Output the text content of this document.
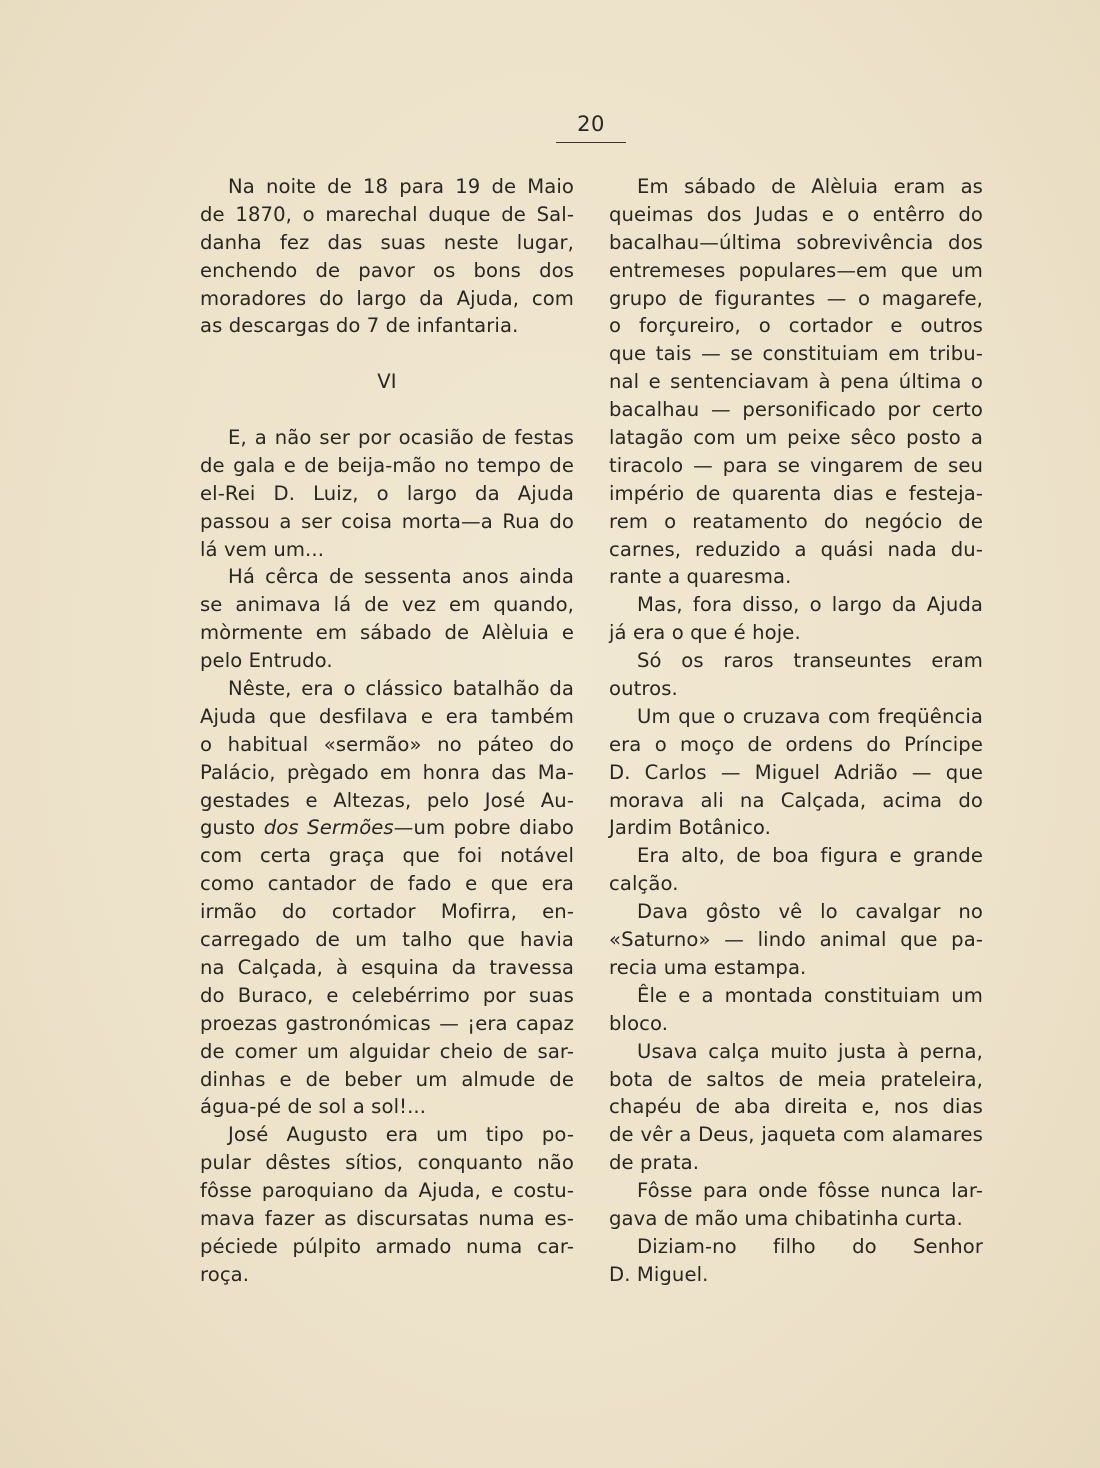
20
Na noite de 18 para 19 de Maio
de 1870, o marechal duque de Sal-
danha fez das suas neste lugar,
enchendo de pavor os bons dos
moradores do largo da Ajuda, com
as descargas do 7 de infantaria.
VI
E, a não ser por ocasião de festas
de gala e de beija-mão no tempo de
el-Rei D. Luiz, o largo da Ajuda
passou a ser coisa morta—a Rua do
lá vem um...
Há cêrca de sessenta anos ainda
se animava lá de vez em quando,
mòrmente em sábado de Alèluia e
pelo Entrudo.
Nêste, era o clássico batalhão da
Ajuda que desfilava e era também
o habitual «sermão» no páteo do
Palácio, prègado em honra das Ma-
gestades e Altezas, pelo José Au-
gusto dos Sermões—um pobre diabo
com certa graça que foi notável
como cantador de fado e que era
irmão do cortador Mofirra, en-
carregado de um talho que havia
na Calçada, à esquina da travessa
do Buraco, e celebérrimo por suas
proezas gastronómicas — ¡era capaz
de comer um alguidar cheio de sar-
dinhas e de beber um almude de
água-pé de sol a sol!...
José Augusto era um tipo po-
pular dêstes sítios, conquanto não
fôsse paroquiano da Ajuda, e costu-
mava fazer as discursatas numa es-
péciede púlpito armado numa car-
roça.
Em sábado de Alèluia eram as
queimas dos Judas e o entêrro do
bacalhau—última sobrevivência dos
entremeses populares—em que um
grupo de figurantes — o magarefe,
o forçureiro, o cortador e outros
que tais — se constituiam em tribu-
nal e sentenciavam à pena última o
bacalhau — personificado por certo
latagão com um peixe sêco posto a
tiracolo — para se vingarem de seu
império de quarenta dias e festeja-
rem o reatamento do negócio de
carnes, reduzido a quási nada du-
rante a quaresma.
Mas, fora disso, o largo da Ajuda
já era o que é hoje.
Só os raros transeuntes eram
outros.
Um que o cruzava com freqüência
era o moço de ordens do Príncipe
D. Carlos — Miguel Adrião — que
morava ali na Calçada, acima do
Jardim Botânico.
Era alto, de boa figura e grande
calção.
Dava gôsto vê lo cavalgar no
«Saturno» — lindo animal que pa-
recia uma estampa.
Êle e a montada constituiam um
bloco.
Usava calça muito justa à perna,
bota de saltos de meia prateleira,
chapéu de aba direita e, nos dias
de vêr a Deus, jaqueta com alamares
de prata.
Fôsse para onde fôsse nunca lar-
gava de mão uma chibatinha curta.
Diziam-no filho do Senhor
D. Miguel.
